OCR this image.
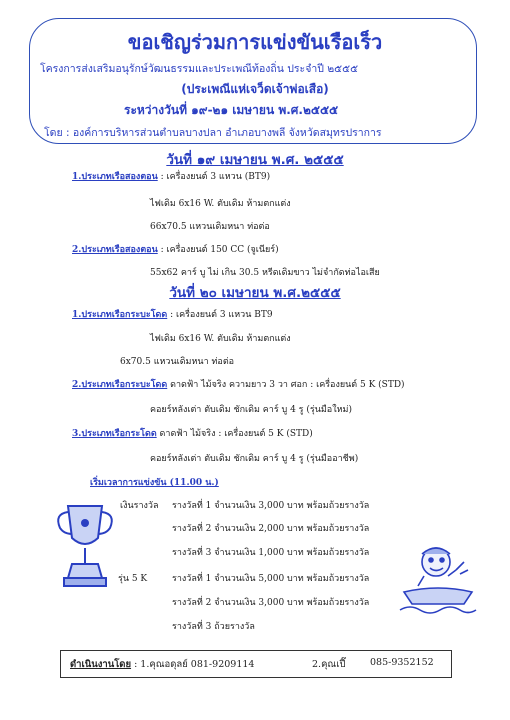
ขอเชิญร่วมการแข่งขันเรือเร็ว
โครงการส่งเสริมอนุรักษ์วัฒนธรรมและประเพณีท้องถิ่น ประจำปี ๒๕๕๕
(ประเพณีแห่เจว็ดเจ้าพ่อเสือ)
ระหว่างวันที่ ๑๙-๒๑ เมษายน พ.ศ.๒๕๕๕
โดย : องค์การบริหารส่วนตำบลบางปลา อำเภอบางพลี จังหวัดสมุทรปราการ
วันที่ ๑๙ เมษายน พ.ศ. ๒๕๕๕
1.ประเภทเรือสองตอน : เครื่องยนต์ 3 แหวน (BT9)
ไฟเดิม 6x16 W. ตับเดิม ห้ามตกแต่ง
66x70.5 แหวนเดิมหนา ท่อต่อ
2.ประเภทเรือสองตอน : เครื่องยนต์ 150 CC (จูเนียร์)
55x62 คาร์ บู ไม่ เกิน 30.5 หรีดเดิมขาว ไม่จำกัดท่อไอเสีย
วันที่ ๒๐ เมษายน พ.ศ.๒๕๕๕
1.ประเภทเรือกระบะโดด : เครื่องยนต์ 3 แหวน BT9
ไฟเดิม 6x16 W. ตับเดิม ห้ามตกแต่ง
6x70.5 แหวนเดิมหนา ท่อต่อ
2.ประเภทเรือกระบะโดด ดาดฟ้า ไม้จริง ความยาว 3 วา ศอก : เครื่องยนต์ 5 K (STD)
คอยร์หลังเต่า ตับเดิม ชักเดิม คาร์ บู 4 รู (รุ่นมือใหม่)
3.ประเภทเรือกระโดด ดาดฟ้า ไม้จริง : เครื่องยนต์ 5 K (STD)
คอยร์หลังเต่า ตับเดิม ชักเดิม คาร์ บู 4 รู (รุ่นมืออาชีพ)
เริ่มเวลาการแข่งขัน (11.00 น.)
เงินรางวัล รางวัลที่ 1 จำนวนเงิน 3,000 บาท พร้อมถ้วยรางวัล
รางวัลที่ 2 จำนวนเงิน 2,000 บาท พร้อมถ้วยรางวัล
รางวัลที่ 3 จำนวนเงิน 1,000 บาท พร้อมถ้วยรางวัล
รุ่น 5 K	รางวัลที่ 1 จำนวนเงิน 5,000 บาท พร้อมถ้วยรางวัล
รางวัลที่ 2 จำนวนเงิน 3,000 บาท พร้อมถ้วยรางวัล
รางวัลที่ 3 ถ้วยรางวัล
ดำเนินงานโดย : 1.คุณอดุลย์ 081-9209114	2.คุณเปี๊	085-9352152
